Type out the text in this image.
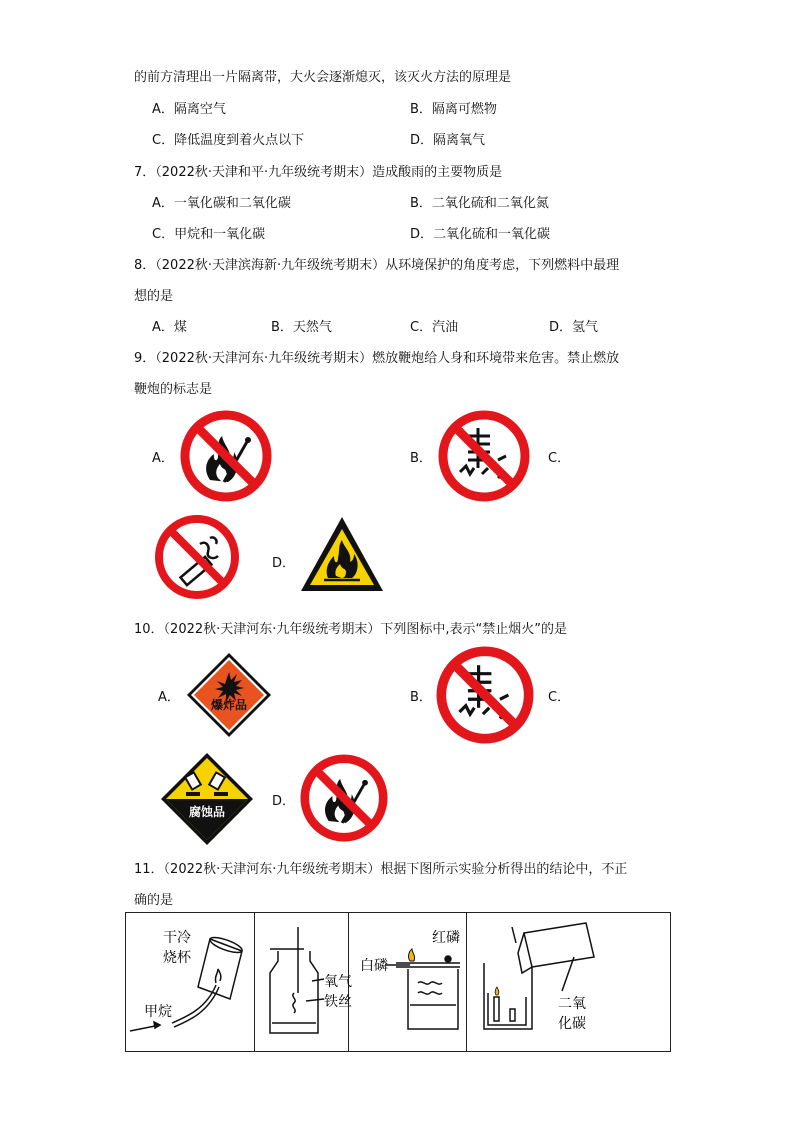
的前方清理出一片隔离带，大火会逐渐熄灭，该灭火方法的原理是
A．隔离空气	B．隔离可燃物
C．降低温度到着火点以下	D．隔离氧气
7．（2022秋·天津和平·九年级统考期末）造成酸雨的主要物质是
A．一氧化碳和二氧化碳	B．二氧化硫和二氧化氮
C．甲烷和一氧化碳	D．二氧化硫和一氧化碳
8．（2022秋·天津滨海新·九年级统考期末）从环境保护的角度考虑，下列燃料中最理
想的是
A．煤	B．天然气	C．汽油	D．氢气
9．（2022秋·天津河东·九年级统考期末）燃放鞭炮给人身和环境带来危害。禁止燃放
鞭炮的标志是
A．	B．	C．
D．
10．（2022秋·天津河东·九年级统考期末）下列图标中,表示“禁止烟火”的是
A．	爆炸品	B．	C．
腐蚀品
D．
11．（2022秋·天津河东·九年级统考期末）根据下图所示实验分析得出的结论中，不正
确的是
干冷
烧杯
甲烷
氧气
铁丝
红磷
白磷
二氧
化碳
